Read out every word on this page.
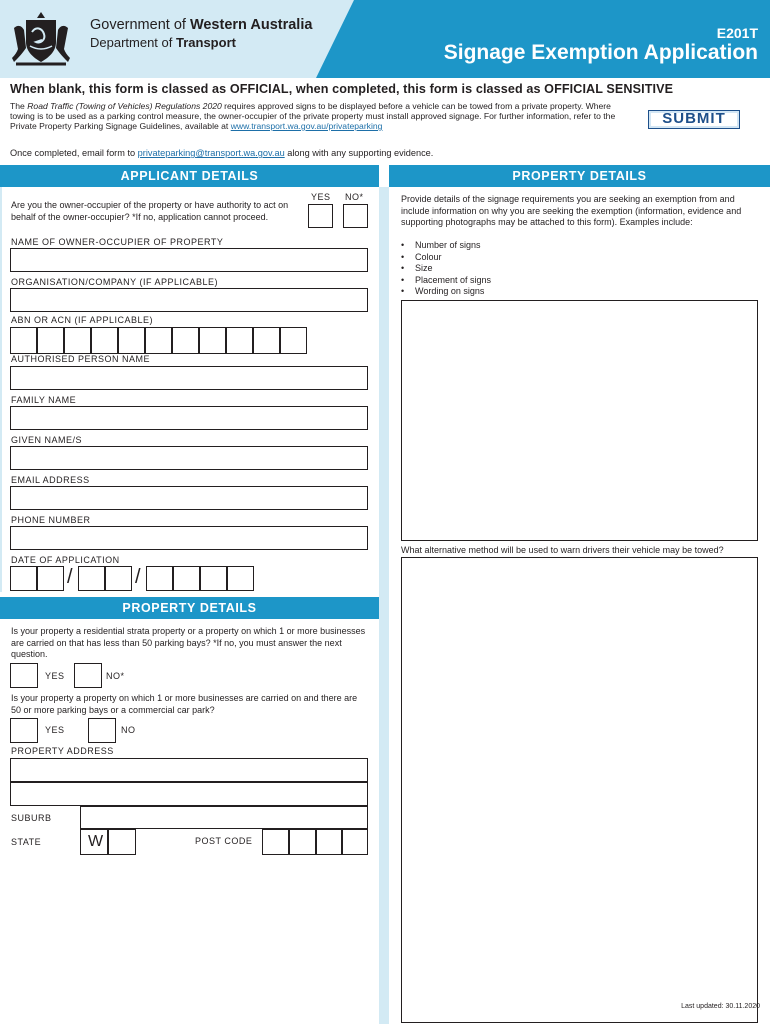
Government of Western Australia
Department of Transport
E201T
Signage Exemption Application
When blank, this form is classed as OFFICIAL, when completed, this form is classed as OFFICIAL SENSITIVE
The Road Traffic (Towing of Vehicles) Regulations 2020 requires approved signs to be displayed before a vehicle can be towed from a private property. Where towing is to be used as a parking control measure, the owner-occupier of the private property must install approved signage. For further information, refer to the Private Property Parking Signage Guidelines, available at www.transport.wa.gov.au/privateparking	SUBMIT
Once completed, email form to privateparking@transport.wa.gov.au along with any supporting evidence.
APPLICANT DETAILS	PROPERTY DETAILS
Are you the owner-occupier of the property or have authority to act on behalf of the owner-occupier? *If no, application cannot proceed.
YES NO*
NAME OF OWNER-OCCUPIER OF PROPERTY
ORGANISATION/COMPANY (IF APPLICABLE)
ABN OR ACN (IF APPLICABLE)
AUTHORISED PERSON NAME
FAMILY NAME
GIVEN NAME/S
EMAIL ADDRESS
PHONE NUMBER
DATE OF APPLICATION
/	/
PROPERTY DETAILS
Is your property a residential strata property or a property on which 1 or more businesses are carried on that has less than 50 parking bays? *If no, you must answer the next question.
YES	NO*
Is your property a property on which 1 or more businesses are carried on and there are 50 or more parking bays or a commercial car park?
YES	NO
PROPERTY ADDRESS
SUBURB
STATE	W	POST CODE
Provide details of the signage requirements you are seeking an exemption from and include information on why you are seeking the exemption (information, evidence and supporting photographs may be attached to this form). Examples include:
• Number of signs
• Colour
• Size
• Placement of signs
• Wording on signs
What alternative method will be used to warn drivers their vehicle may be towed?
Last updated: 30.11.2020
